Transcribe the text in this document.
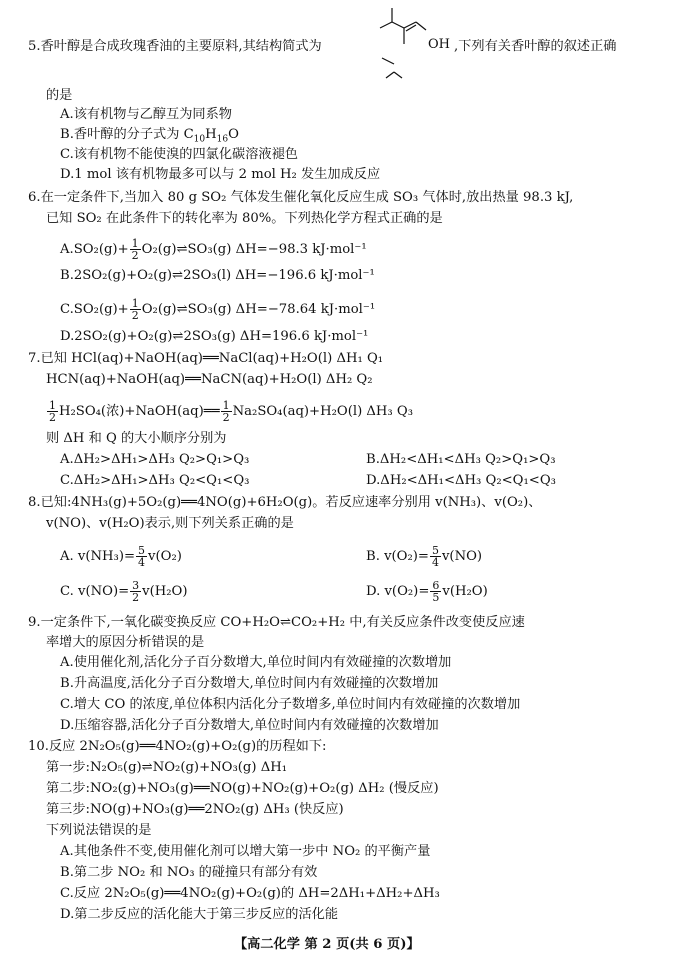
5.香叶醇是合成玫瑰香油的主要原料,其结构简式为	OH ,下列有关香叶醇的叙述正确
的是
A.该有机物与乙醇互为同系物
B.香叶醇的分子式为 $C_{10}H_{16}O$
C.该有机物不能使溴的四氯化碳溶液褪色
D.1 mol 该有机物最多可以与 2 mol H₂ 发生加成反应
6.在一定条件下,当加入 80 g SO₂ 气体发生催化氧化反应生成 SO₃ 气体时,放出热量 98.3 kJ,
已知 SO₂ 在此条件下的转化率为 80%。下列热化学方程式正确的是
$A.SO_2(g)+ \frac{1}{2}$ O₂(g)⇌SO₃(g) ΔH=−98.3 kJ·mol⁻¹
B.2SO₂(g)+O₂(g)⇌2SO₃(l) ΔH=−196.6 kJ·mol⁻¹
$C.SO_2(g)+ \frac{1}{2}$ O₂(g)⇌SO₃(g) ΔH=−78.64 kJ·mol⁻¹
D.2SO₂(g)+O₂(g)⇌2SO₃(g) ΔH=196.6 kJ·mol⁻¹
7.已知 HCl(aq)+NaOH(aq)══NaCl(aq)+H₂O(l) ΔH₁ Q₁
HCN(aq)+NaOH(aq)══NaCN(aq)+H₂O(l) ΔH₂ Q₂
$\frac{1}{2} H_2SO_4$(浓)+NaOH(aq)══ $\frac{1}{2} Na_2SO_4(aq)+H_2O(l)$ ΔH₃ Q₃
则 ΔH 和 Q 的大小顺序分别为
A.ΔH₂>ΔH₁>ΔH₃ Q₂>Q₁>Q₃	B.ΔH₂<ΔH₁<ΔH₃ Q₂>Q₁>Q₃
C.ΔH₂>ΔH₁>ΔH₃ Q₂<Q₁<Q₃	D.ΔH₂<ΔH₁<ΔH₃ Q₂<Q₁<Q₃
8.已知:4NH₃(g)+5O₂(g)══4NO(g)+6H₂O(g)。若反应速率分别用 v(NH₃)、v(O₂)、
v(NO)、v(H₂O)表示,则下列关系正确的是
A. $v(NH_3)= \frac{5}{4} v(O_2)$	B. $v(O_2)= \frac{5}{4} v(NO)$
C. $v(NO)= \frac{3}{2} v(H_2O)$	D. $v(O_2)= \frac{6}{5} v(H_2O)$
9.一定条件下,一氧化碳变换反应 CO+H₂O⇌CO₂+H₂ 中,有关反应条件改变使反应速
率增大的原因分析错误的是
A.使用催化剂,活化分子百分数增大,单位时间内有效碰撞的次数增加
B.升高温度,活化分子百分数增大,单位时间内有效碰撞的次数增加
C.增大 CO 的浓度,单位体积内活化分子数增多,单位时间内有效碰撞的次数增加
D.压缩容器,活化分子百分数增大,单位时间内有效碰撞的次数增加
10.反应 2N₂O₅(g)══4NO₂(g)+O₂(g)的历程如下:
第一步:N₂O₅(g)⇌NO₂(g)+NO₃(g) ΔH₁
第二步:NO₂(g)+NO₃(g)══NO(g)+NO₂(g)+O₂(g) ΔH₂ (慢反应)
第三步:NO(g)+NO₃(g)══2NO₂(g) ΔH₃ (快反应)
下列说法错误的是
A.其他条件不变,使用催化剂可以增大第一步中 NO₂ 的平衡产量
B.第二步 NO₂ 和 NO₃ 的碰撞只有部分有效
C.反应 2N₂O₅(g)══4NO₂(g)+O₂(g)的 ΔH=2ΔH₁+ΔH₂+ΔH₃
D.第二步反应的活化能大于第三步反应的活化能
【高二化学 第 2 页(共 6 页)】
